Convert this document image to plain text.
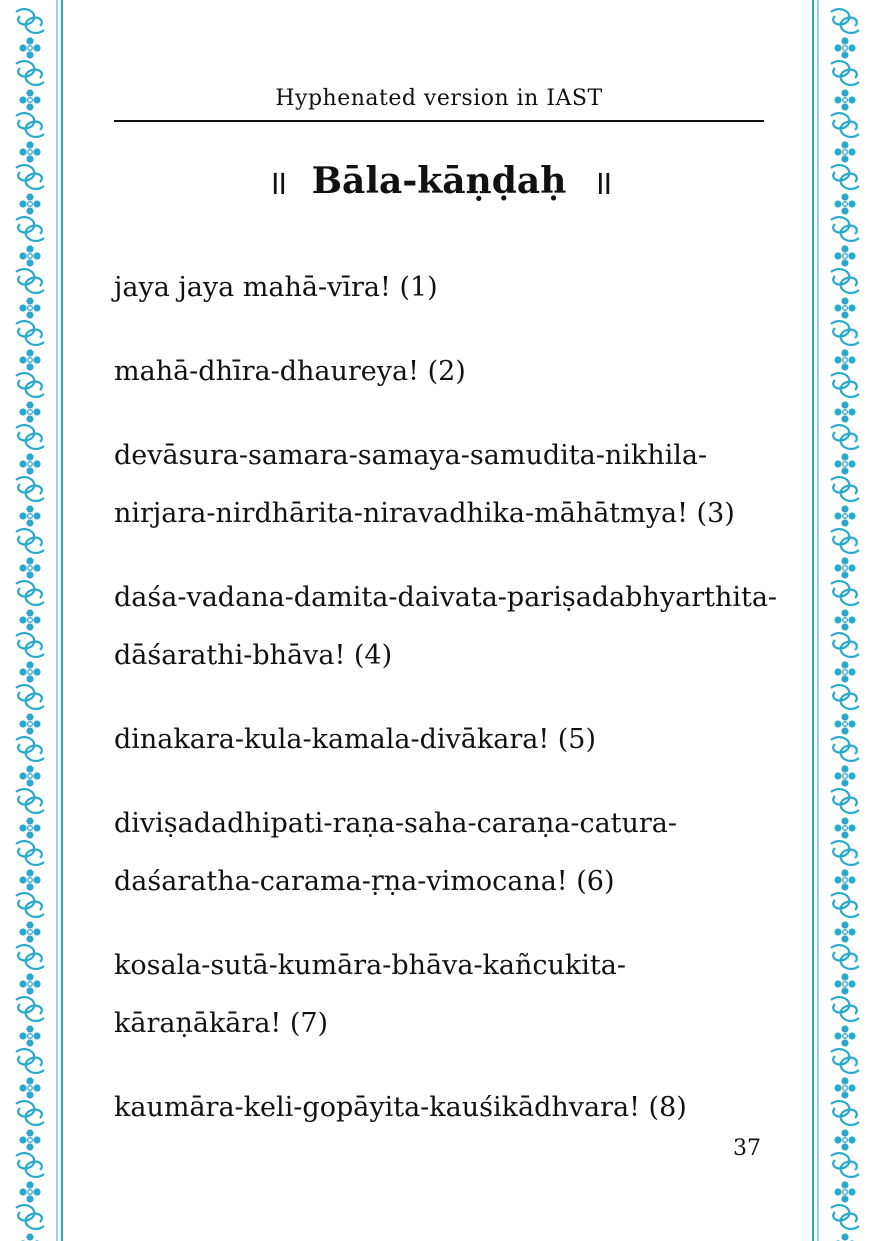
Hyphenated version in IAST
॥ Bāla-kāṇḍaḥ ॥
jaya jaya mahā-vīra! (1)
mahā-dhīra-dhaureya! (2)
devāsura-samara-samaya-samudita-nikhila-
nirjara-nirdhārita-niravadhika-māhātmya! (3)
daśa-vadana-damita-daivata-pariṣadabhyarthita-
dāśarathi-bhāva! (4)
dinakara-kula-kamala-divākara! (5)
diviṣadadhipati-raṇa-saha-caraṇa-catura-
daśaratha-carama-ṛṇa-vimocana! (6)
kosala-sutā-kumāra-bhāva-kañcukita-
kāraṇākāra! (7)
kaumāra-keli-gopāyita-kauśikādhvara! (8)
37
